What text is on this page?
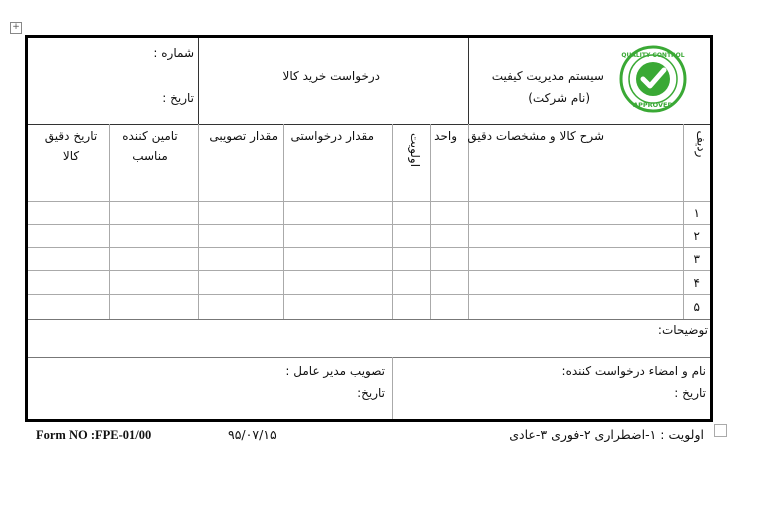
+
QUALITY CONTROL
APPROVED
سیستم مدیریت کیفیت
(نام شرکت)
درخواست خرید کالا
شماره :
تاریخ :
ردیف
شرح کالا و مشخصات دقیق
واحد
اولویت
مقدار درخواستی
مقدار تصویبی
تامین کننده
مناسب
تاریخ دقیق
کالا
۱
۲
۳
۴
۵
توضیحات:
نام و امضاء درخواست کننده:
تاریخ :
تصویب مدیر عامل :
تاریخ:
اولویت : ۱-اضطراری ۲-فوری ۳-عادی
۹۵/۰۷/۱۵
Form NO :FPE-01/00
